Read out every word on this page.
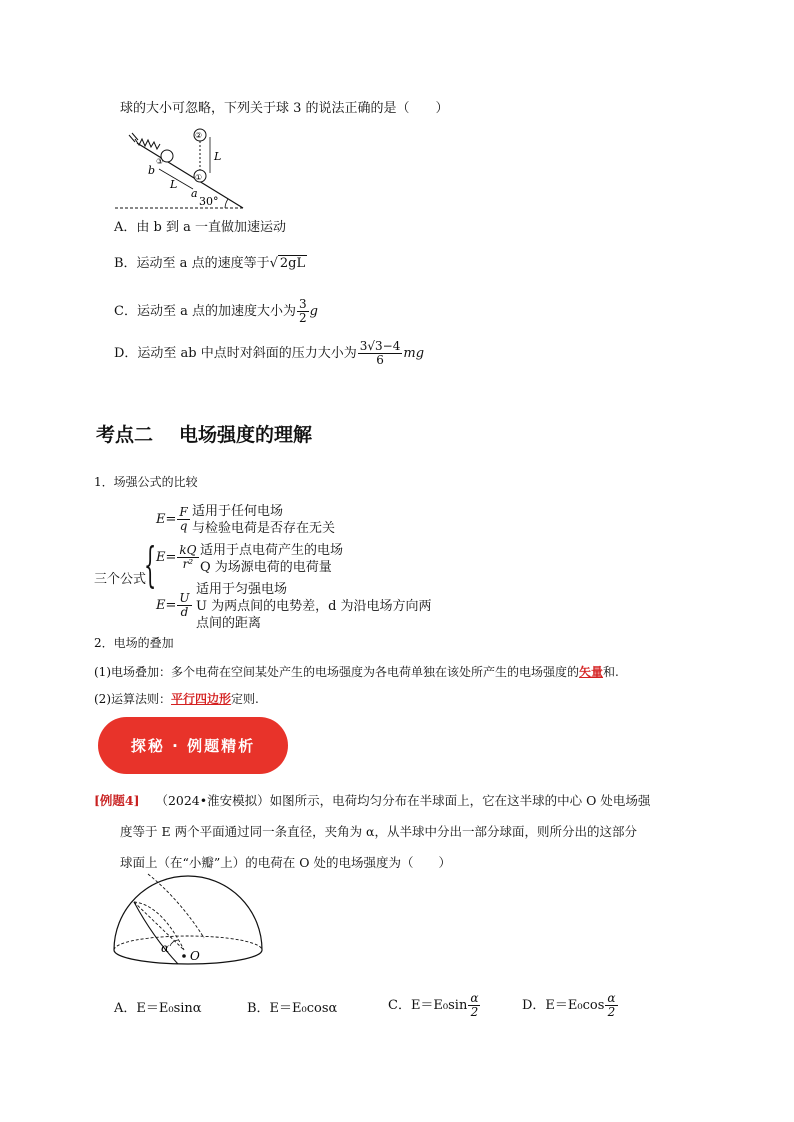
球的大小可忽略，下列关于球 3 的说法正确的是（　　）
③
②
①
L
L
b
a
30°
A．由 b 到 a 一直做加速运动
B．运动至 a 点的速度等于√ 2gL
C．运动至 a 点的加速度大小为 $\frac{3}{2}$ g
D．运动至 ab 中点时对斜面的压力大小为 $\frac{3√3-4}{6}$ mg
考点二 电场强度的理解
1．场强公式的比较
三个公式
{
$E= \frac{F}{q}$ 适用于任何电场
与检验电荷是否存在无关
$E= \frac{kQ}{\text{r²}}$ 适用于点电荷产生的电场
Q 为场源电荷的电荷量
$E= \frac{U}{d}$
适用于匀强电场
U 为两点间的电势差，d 为沿电场方向两
点间的距离
2．电场的叠加
(1)电场叠加：多个电荷在空间某处产生的电场强度为各电荷单独在该处所产生的电场强度的矢量和.
(2)运算法则：平行四边形定则.
探秘 · 例题精析
[例题4] （2024•淮安模拟）如图所示，电荷均匀分布在半球面上，它在这半球的中心 O 处电场强
度等于 E 两个平面通过同一条直径，夹角为 α，从半球中分出一部分球面，则所分出的这部分
球面上（在“小瓣”上）的电荷在 O 处的电场强度为（　　）
α
O
A．E＝E₀sinα	B．E＝E₀cosα	C．$E=E_0\sin \frac{\alpha}{2}$	D．$E=E_0\cos \frac{\alpha}{2}$
